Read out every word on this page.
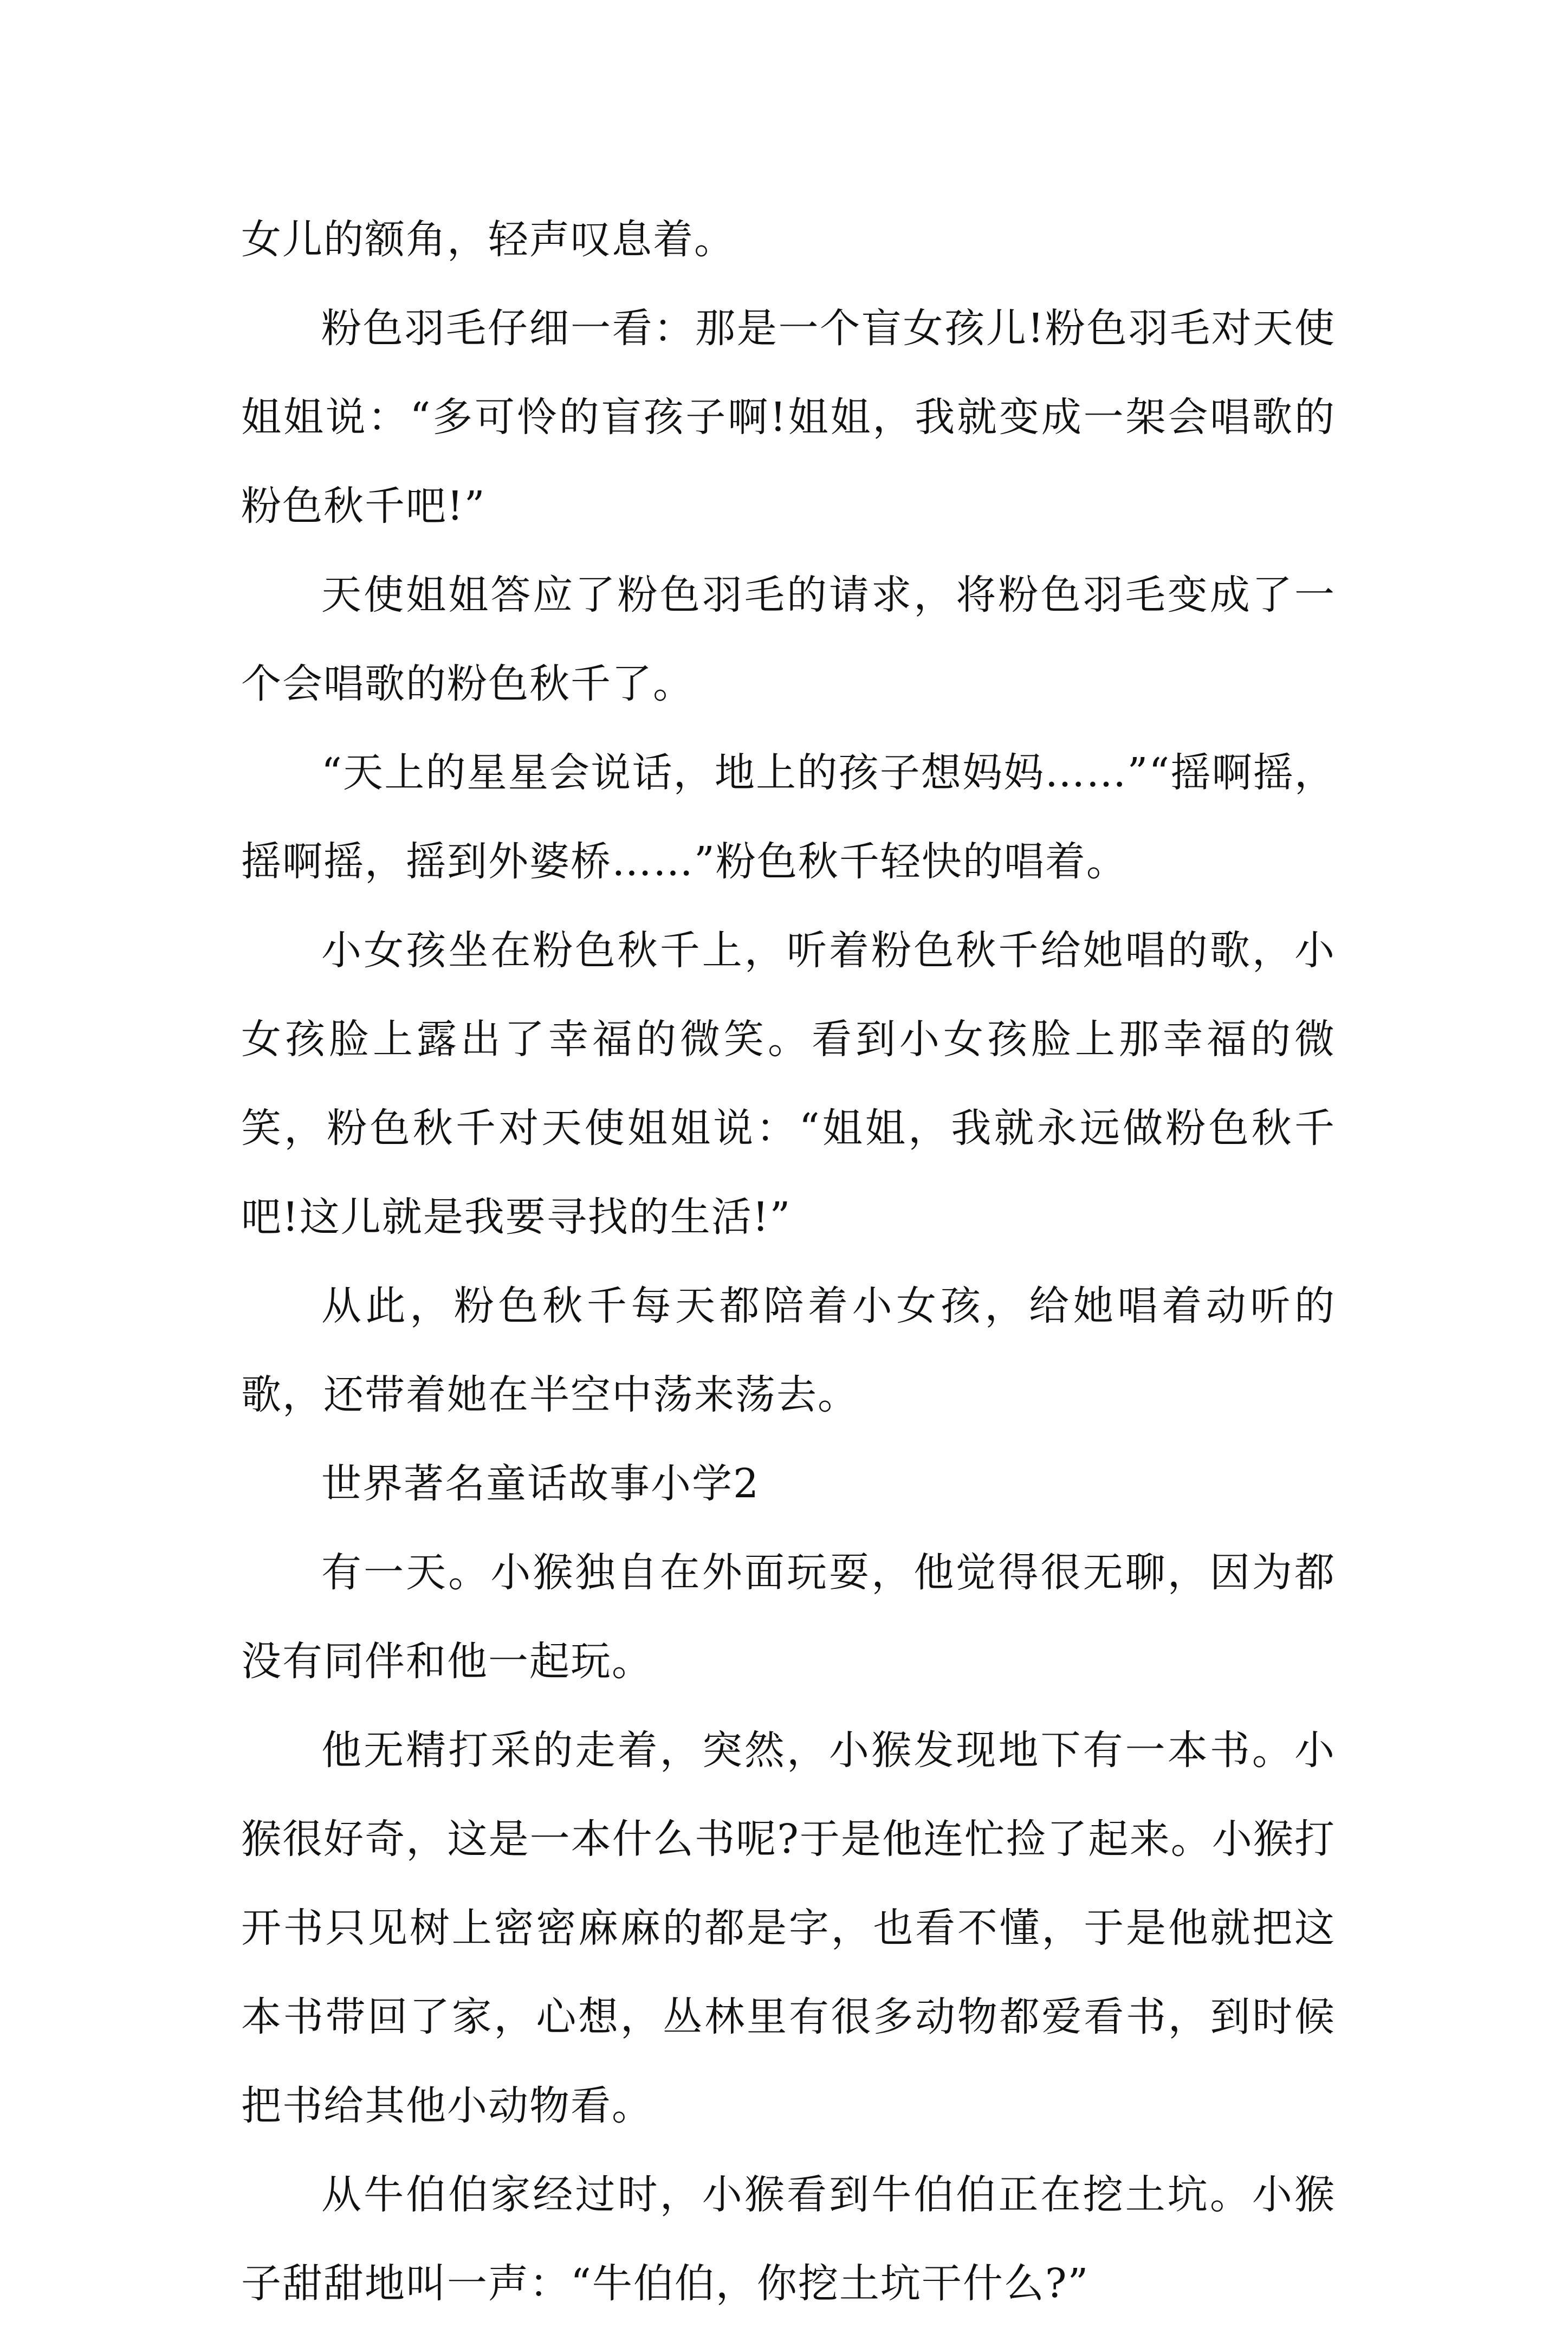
女儿的额角，轻声叹息着。

粉色羽毛仔细一看：那是一个盲女孩儿!粉色羽毛对天使姐姐说：“多可怜的盲孩子啊!姐姐，我就变成一架会唱歌的粉色秋千吧!”

天使姐姐答应了粉色羽毛的请求，将粉色羽毛变成了一个会唱歌的粉色秋千了。

“天上的星星会说话，地上的孩子想妈妈……”“摇啊摇，摇啊摇，摇到外婆桥……”粉色秋千轻快的唱着。

小女孩坐在粉色秋千上，听着粉色秋千给她唱的歌，小女孩脸上露出了幸福的微笑。看到小女孩脸上那幸福的微笑，粉色秋千对天使姐姐说：“姐姐，我就永远做粉色秋千吧!这儿就是我要寻找的生活!”

从此，粉色秋千每天都陪着小女孩，给她唱着动听的歌，还带着她在半空中荡来荡去。

世界著名童话故事小学2

有一天。小猴独自在外面玩耍，他觉得很无聊，因为都没有同伴和他一起玩。

他无精打采的走着，突然，小猴发现地下有一本书。小猴很好奇，这是一本什么书呢?于是他连忙捡了起来。小猴打开书只见树上密密麻麻的都是字，也看不懂，于是他就把这本书带回了家，心想，丛林里有很多动物都爱看书，到时候把书给其他小动物看。

从牛伯伯家经过时，小猴看到牛伯伯正在挖土坑。小猴子甜甜地叫一声：“牛伯伯，你挖土坑干什么?”
